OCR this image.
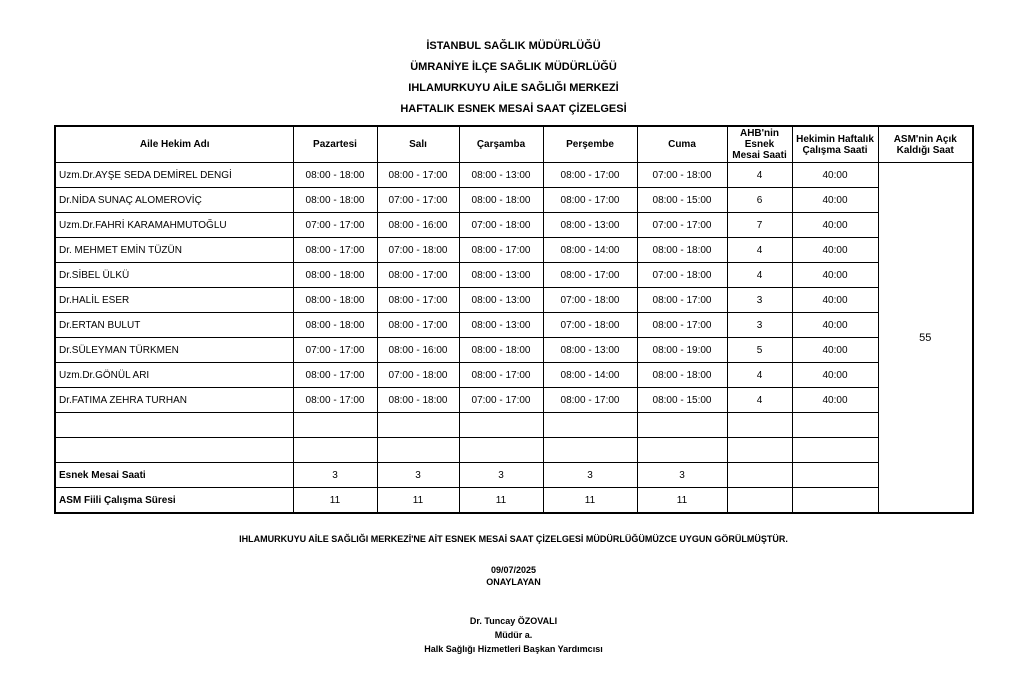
İSTANBUL SAĞLIK MÜDÜRLÜĞÜ
ÜMRANİYE İLÇE SAĞLIK MÜDÜRLÜĞÜ
IHLAMURKUYU AİLE SAĞLIĞI MERKEZİ
HAFTALIK ESNEK MESAİ SAAT ÇİZELGESİ
Aile Hekim Adı	Pazartesi	Salı	Çarşamba	Perşembe	Cuma	AHB'nin Esnek Mesai Saati	Hekimin Haftalık Çalışma Saati	ASM'nin Açık Kaldığı Saat
Uzm.Dr.AYŞE SEDA DEMİREL DENGİ	08:00 - 18:00	08:00 - 17:00	08:00 - 13:00	08:00 - 17:00	07:00 - 18:00	4	40:00	55
Dr.NİDA SUNAÇ ALOMEROVİÇ	08:00 - 18:00	07:00 - 17:00	08:00 - 18:00	08:00 - 17:00	08:00 - 15:00	6	40:00	
Uzm.Dr.FAHRİ KARAMAHMUTOĞLU	07:00 - 17:00	08:00 - 16:00	07:00 - 18:00	08:00 - 13:00	07:00 - 17:00	7	40:00	
Dr. MEHMET EMİN TÜZÜN	08:00 - 17:00	07:00 - 18:00	08:00 - 17:00	08:00 - 14:00	08:00 - 18:00	4	40:00	
Dr.SİBEL ÜLKÜ	08:00 - 18:00	08:00 - 17:00	08:00 - 13:00	08:00 - 17:00	07:00 - 18:00	4	40:00	
Dr.HALİL ESER	08:00 - 18:00	08:00 - 17:00	08:00 - 13:00	07:00 - 18:00	08:00 - 17:00	3	40:00	
Dr.ERTAN BULUT	08:00 - 18:00	08:00 - 17:00	08:00 - 13:00	07:00 - 18:00	08:00 - 17:00	3	40:00	
Dr.SÜLEYMAN TÜRKMEN	07:00 - 17:00	08:00 - 16:00	08:00 - 18:00	08:00 - 13:00	08:00 - 19:00	5	40:00	
Uzm.Dr.GÖNÜL ARI	08:00 - 17:00	07:00 - 18:00	08:00 - 17:00	08:00 - 14:00	08:00 - 18:00	4	40:00	
Dr.FATIMA ZEHRA TURHAN	08:00 - 17:00	08:00 - 18:00	07:00 - 17:00	08:00 - 17:00	08:00 - 15:00	4	40:00	

Esnek Mesai Saati	3	3	3	3	3			
ASM Fiili Çalışma Süresi	11	11	11	11	11			
IHLAMURKUYU AİLE SAĞLIĞI MERKEZİ'NE AİT ESNEK MESAİ SAAT ÇİZELGESİ MÜDÜRLÜĞÜMÜZCE UYGUN GÖRÜLMÜŞTÜR.
09/07/2025
ONAYLAYAN
Dr. Tuncay ÖZOVALI
Müdür a.
Halk Sağlığı Hizmetleri Başkan Yardımcısı
